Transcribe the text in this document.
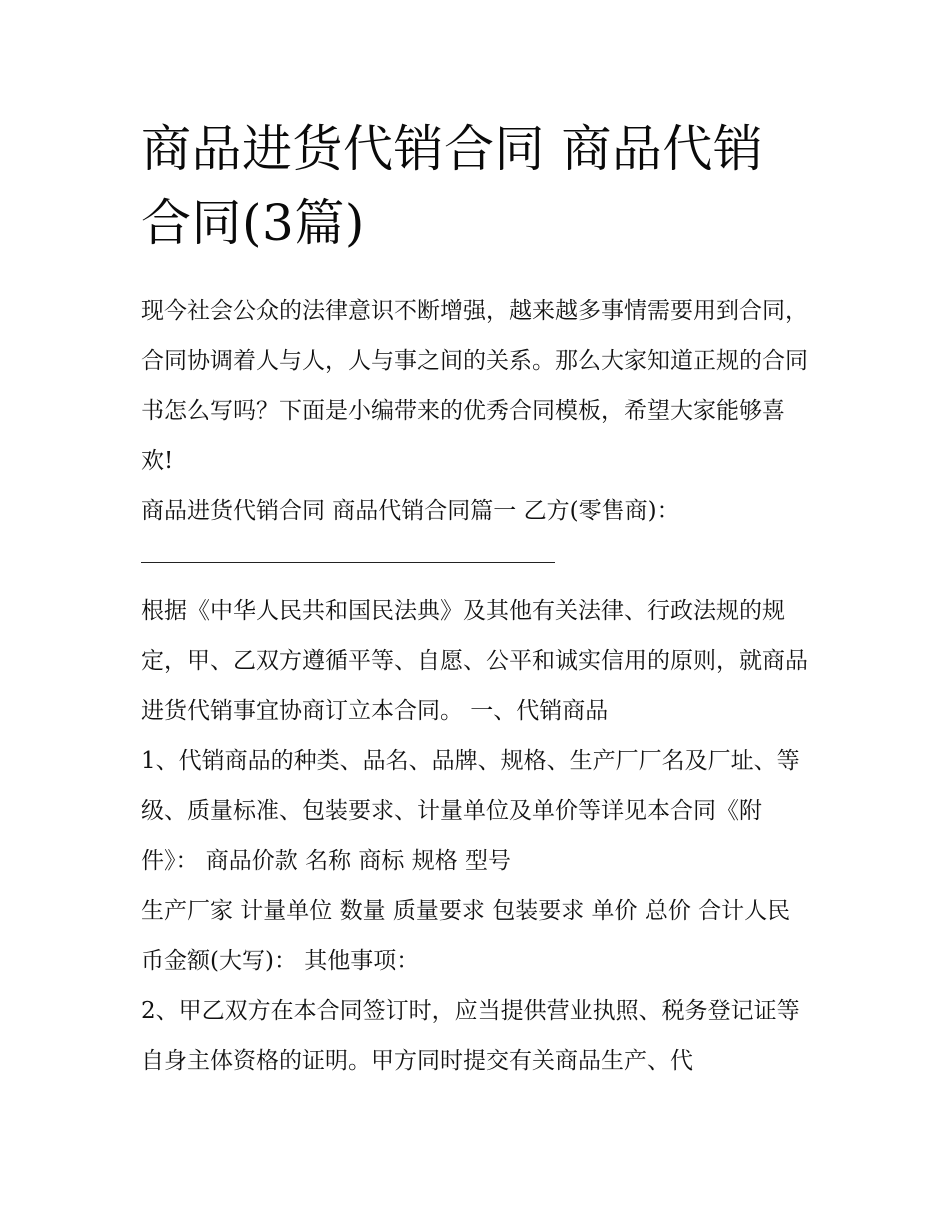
商品进货代销合同 商品代销合同(3篇)

现今社会公众的法律意识不断增强，越来越多事情需要用到合同，合同协调着人与人，人与事之间的关系。那么大家知道正规的合同书怎么写吗？下面是小编带来的优秀合同模板，希望大家能够喜欢!

商品进货代销合同 商品代销合同篇一 乙方(零售商)：

根据《中华人民共和国民法典》及其他有关法律、行政法规的规定，甲、乙双方遵循平等、自愿、公平和诚实信用的原则，就商品进货代销事宜协商订立本合同。 一、代销商品

1、代销商品的种类、品名、品牌、规格、生产厂厂名及厂址、等级、质量标准、包装要求、计量单位及单价等详见本合同《附件》： 商品价款 名称 商标 规格 型号

生产厂家 计量单位 数量 质量要求 包装要求 单价 总价 合计人民币金额(大写)： 其他事项：

2、甲乙双方在本合同签订时，应当提供营业执照、税务登记证等自身主体资格的证明。甲方同时提交有关商品生产、代
